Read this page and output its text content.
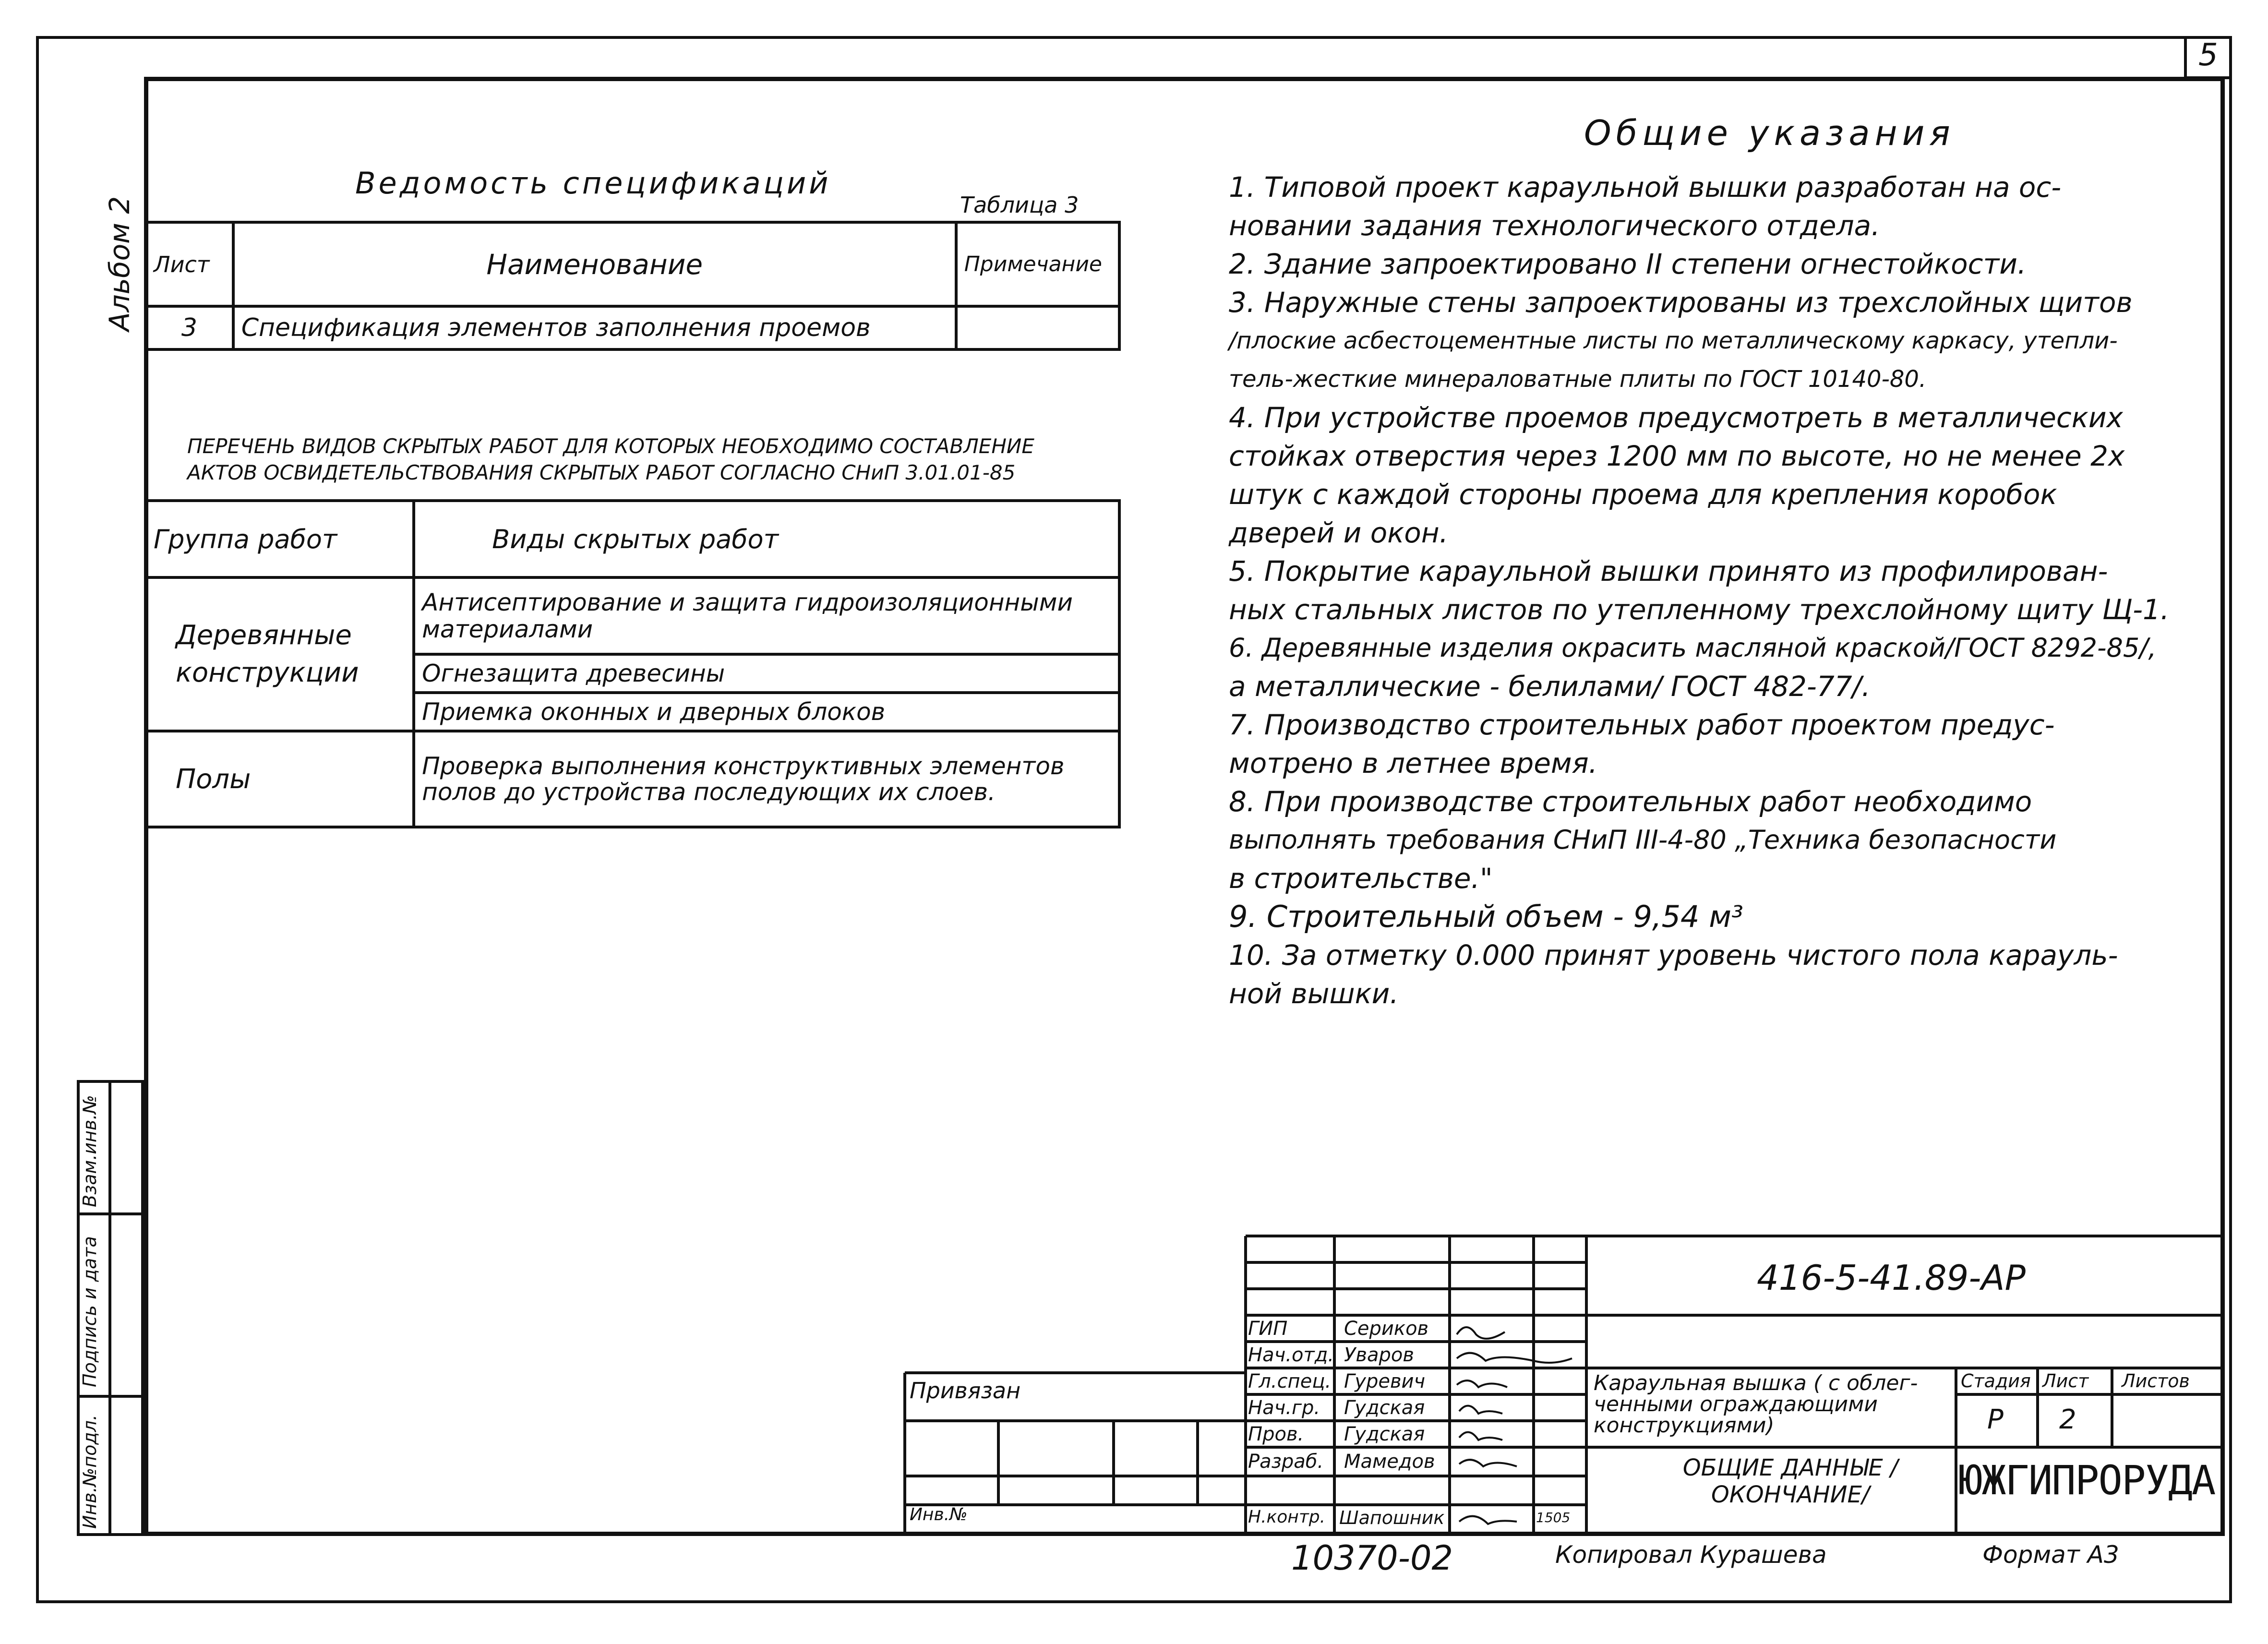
5
Альбом 2
Взам.инв.№
Подпись и дата
Инв.№подл.
Ведомость спецификаций
Таблица 3
Лист	Наименование	Примечание
3	Спецификация элементов заполнения проемов	
ПЕРЕЧЕНЬ ВИДОВ СКРЫТЫХ РАБОТ ДЛЯ КОТОРЫХ НЕОБХОДИМО СОСТАВЛЕНИЕ
АКТОВ ОСВИДЕТЕЛЬСТВОВАНИЯ СКРЫТЫХ РАБОТ СОГЛАСНО СНиП 3.01.01-85
Группа работ	Виды скрытых работ
Деревянные конструкции	Антисептирование и защита гидроизоляционными материалами
	Огнезащита древесины
	Приемка оконных и дверных блоков
Полы	Проверка выполнения конструктивных элементов полов до устройства последующих их слоев.
Общие указания

1. Типовой проект караульной вышки разработан на ос-

новании задания технологического отдела.

2. Здание запроектировано II степени огнестойкости.

3. Наружные стены запроектированы из трехслойных щитов

/плоские асбестоцементные листы по металлическому каркасу, утепли-

тель-жесткие минераловатные плиты по ГОСТ 10140-80.

4. При устройстве проемов предусмотреть в металлических

стойках отверстия через 1200 мм по высоте, но не менее 2х

штук с каждой стороны проема для крепления коробок

дверей и окон.

5. Покрытие караульной вышки принято из профилирован-

ных стальных листов по утепленному трехслойному щиту Щ-1.

6. Деревянные изделия окрасить масляной краской/ГОСТ 8292-85/,

а металлические - белилами/ ГОСТ 482-77/.

7. Производство строительных работ проектом предус-

мотрено в летнее время.

8. При производстве строительных работ необходимо

выполнять требования СНиП III-4-80 „Техника безопасности

в строительстве."

9. Строительный объем - 9,54 м³

10. За отметку 0.000 принят уровень чистого пола карауль-

ной вышки.

416-5-41.89-АР
Привязан
Инв.№
ГИП	Сериков
Нач.отд. Уваров
Гл.спец. Гуревич
Нач.гр. Гудская
Пров. Гудская
Разраб. Мамедов
Н.контр. Шапошник	1505
Караульная вышка ( с облег- ченными ограждающими конструкциями)
ОБЩИЕ ДАННЫЕ / ОКОНЧАНИЕ/
Стадия Лист Листов
Р 2
ЮЖГИПРОРУДА
10370-02	Копировал Курашева	Формат А3
